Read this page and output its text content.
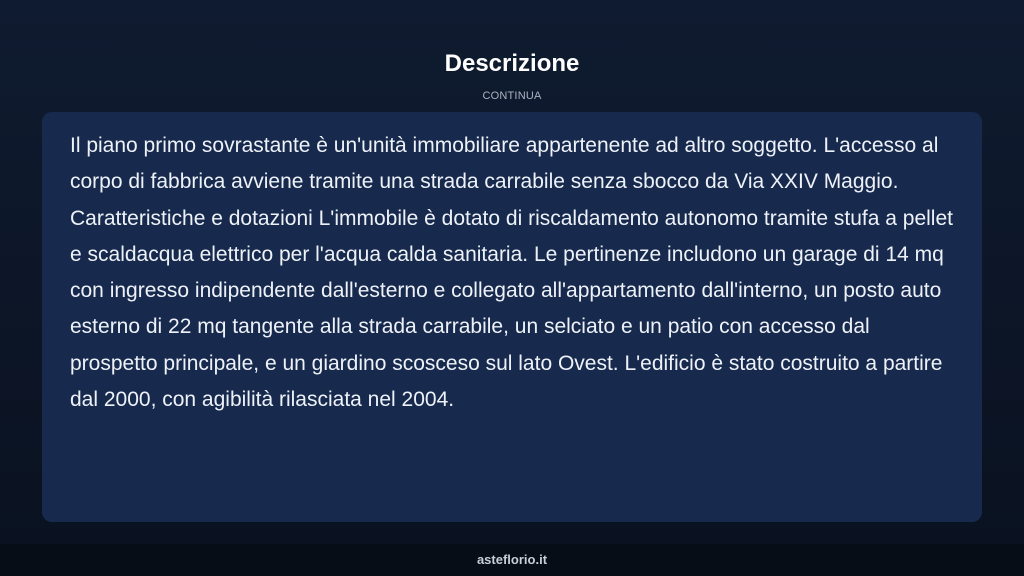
Descrizione
CONTINUA

Il piano primo sovrastante è un'unità immobiliare appartenente ad altro soggetto. L'accesso al corpo di fabbrica avviene tramite una strada carrabile senza sbocco da Via XXIV Maggio. Caratteristiche e dotazioni L'immobile è dotato di riscaldamento autonomo tramite stufa a pellet e scaldacqua elettrico per l'acqua calda sanitaria. Le pertinenze includono un garage di 14 mq con ingresso indipendente dall'esterno e collegato all'appartamento dall'interno, un posto auto esterno di 22 mq tangente alla strada carrabile, un selciato e un patio con accesso dal prospetto principale, e un giardino scosceso sul lato Ovest. L'edificio è stato costruito a partire dal 2000, con agibilità rilasciata nel 2004.

asteflorio.it
